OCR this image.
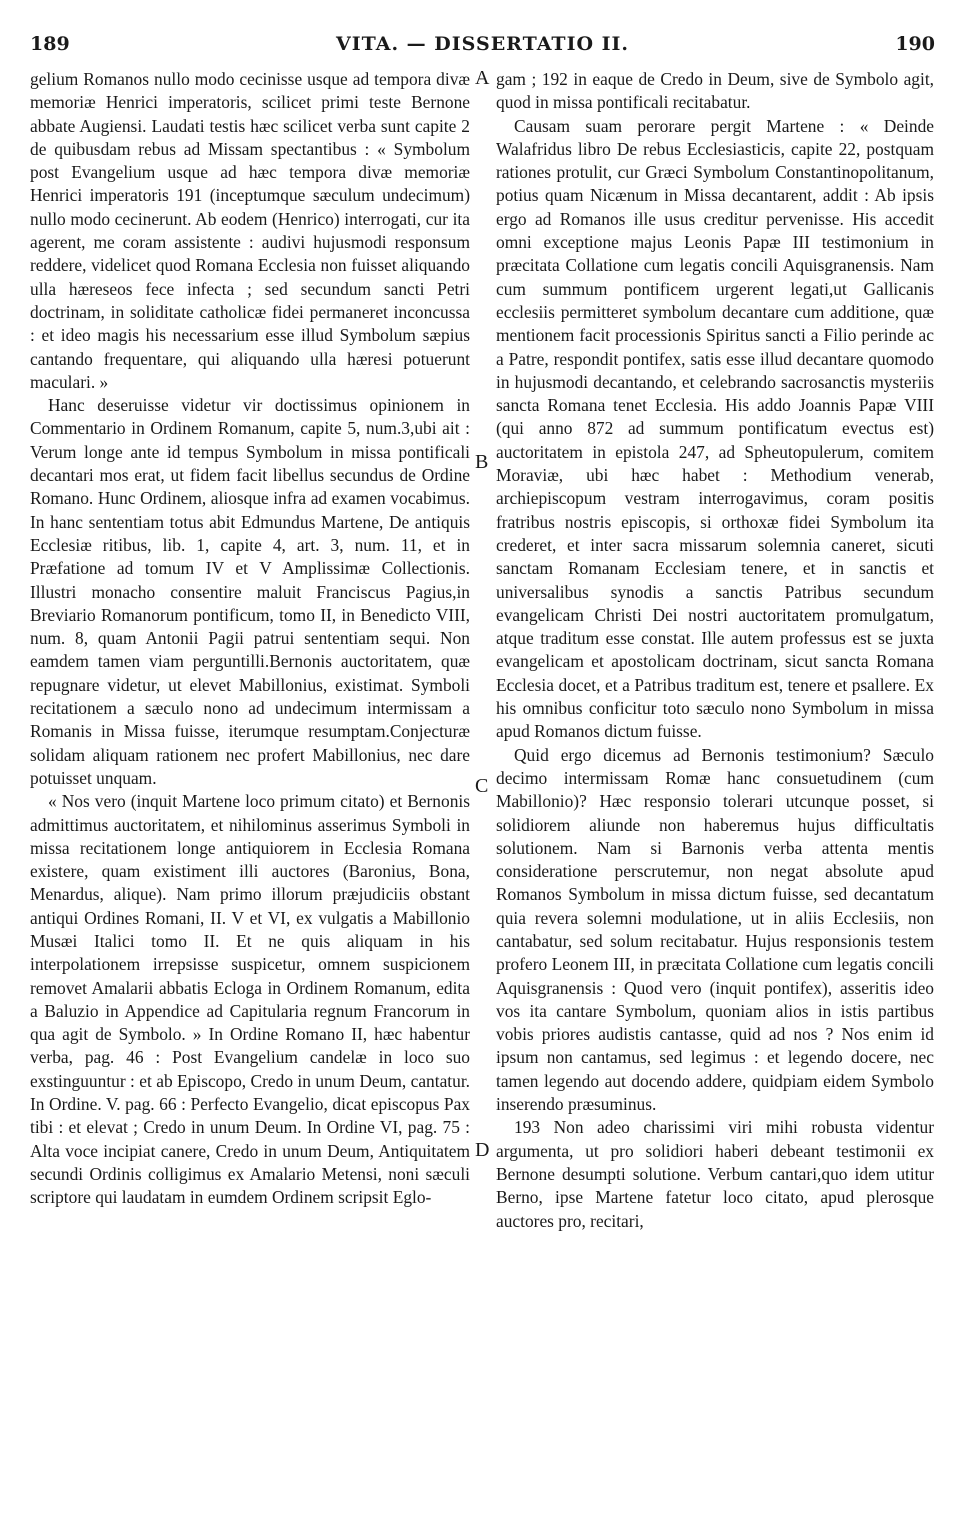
189	VITA. — DISSERTATIO II.	190

gelium Romanos nullo modo cecinisse usque ad tempora divæ memoriæ Henrici imperatoris, scilicet primi teste Bernone abbate Augiensi. Laudati testis hæc scilicet verba sunt capite 2 de quibusdam rebus ad Missam spectantibus : « Symbolum post Evangelium usque ad hæc tempora divæ memoriæ Henrici imperatoris 191 (inceptumque sæculum undecimum) nullo modo cecinerunt. Ab eodem (Henrico) interrogati, cur ita agerent, me coram assistente : audivi hujusmodi responsum reddere, videlicet quod Romana Ecclesia non fuisset aliquando ulla hæreseos fece infecta ; sed secundum sancti Petri doctrinam, in soliditate catholicæ fidei permaneret inconcussa : et ideo magis his necessarium esse illud Symbolum sæpius cantando frequentare, qui aliquando ulla hæresi potuerunt maculari. »

Hanc deseruisse videtur vir doctissimus opinionem in Commentario in Ordinem Romanum, capite 5, num.3,ubi ait : Verum longe ante id tempus Symbolum in missa pontificali decantari mos erat, ut fidem facit libellus secundus de Ordine Romano. Hunc Ordinem, aliosque infra ad examen vocabimus. In hanc sententiam totus abit Edmundus Martene, De antiquis Ecclesiæ ritibus, lib. 1, capite 4, art. 3, num. 11, et in Præfatione ad tomum IV et V Amplissimæ Collectionis. Illustri monacho consentire maluit Franciscus Pagius,in Breviario Romanorum pontificum, tomo II, in Benedicto VIII, num. 8, quam Antonii Pagii patrui sententiam sequi. Non eamdem tamen viam perguntilli.Bernonis auctoritatem, quæ repugnare videtur, ut elevet Mabillonius, existimat. Symboli recitationem a sæculo nono ad undecimum intermissam a Romanis in Missa fuisse, iterumque resumptam.Conjecturæ solidam aliquam rationem nec profert Mabillonius, nec dare potuisset unquam.

« Nos vero (inquit Martene loco primum citato) et Bernonis admittimus auctoritatem, et nihilominus asserimus Symboli in missa recitationem longe antiquiorem in Ecclesia Romana existere, quam existiment illi auctores (Baronius, Bona, Menardus, alique). Nam primo illorum præjudiciis obstant antiqui Ordines Romani, II. V et VI, ex vulgatis a Mabillonio Musæi Italici tomo II. Et ne quis aliquam in his interpolationem irrepsisse suspicetur, omnem suspicionem removet Amalarii abbatis Ecloga in Ordinem Romanum, edita a Baluzio in Appendice ad Capitularia regnum Francorum in qua agit de Symbolo. » In Ordine Romano II, hæc habentur verba, pag. 46 : Post Evangelium candelæ in loco suo exstinguuntur : et ab Episcopo, Credo in unum Deum, cantatur. In Ordine. V. pag. 66 : Perfecto Evangelio, dicat episcopus Pax tibi : et elevat ; Credo in unum Deum. In Ordine VI, pag. 75 : Alta voce incipiat canere, Credo in unum Deum, Antiquitatem secundi Ordinis colligimus ex Amalario Metensi, noni sæculi scriptore qui laudatam in eumdem Ordinem scripsit Eglo-

A
B
C
D

gam ; 192 in eaque de Credo in Deum, sive de Symbolo agit, quod in missa pontificali recitabatur.

Causam suam perorare pergit Martene : « Deinde Walafridus libro De rebus Ecclesiasticis, capite 22, postquam rationes protulit, cur Græci Symbolum Constantinopolitanum, potius quam Nicænum in Missa decantarent, addit : Ab ipsis ergo ad Romanos ille usus creditur pervenisse. His accedit omni exceptione majus Leonis Papæ III testimonium in præcitata Collatione cum legatis concili Aquisgranensis. Nam cum summum pontificem urgerent legati,ut Gallicanis ecclesiis permitteret symbolum decantare cum additione, quæ mentionem facit processionis Spiritus sancti a Filio perinde ac a Patre, respondit pontifex, satis esse illud decantare quomodo in hujusmodi decantando, et celebrando sacrosanctis mysteriis sancta Romana tenet Ecclesia. His addo Joannis Papæ VIII (qui anno 872 ad summum pontificatum evectus est) auctoritatem in epistola 247, ad Spheutopulerum, comitem Moraviæ, ubi hæc habet : Methodium venerab, archiepiscopum vestram interrogavimus, coram positis fratribus nostris episcopis, si orthoxæ fidei Symbolum ita crederet, et inter sacra missarum solemnia caneret, sicuti sanctam Romanam Ecclesiam tenere, et in sanctis et universalibus synodis a sanctis Patribus secundum evangelicam Christi Dei nostri auctoritatem promulgatum, atque traditum esse constat. Ille autem professus est se juxta evangelicam et apostolicam doctrinam, sicut sancta Romana Ecclesia docet, et a Patribus traditum est, tenere et psallere. Ex his omnibus conficitur toto sæculo nono Symbolum in missa apud Romanos dictum fuisse.

Quid ergo dicemus ad Bernonis testimonium? Sæculo decimo intermissam Romæ hanc consuetudinem (cum Mabillonio)? Hæc responsio tolerari utcunque posset, si solidiorem aliunde non haberemus hujus difficultatis solutionem. Nam si Barnonis verba attenta mentis consideratione perscrutemur, non negat absolute apud Romanos Symbolum in missa dictum fuisse, sed decantatum quia revera solemni modulatione, ut in aliis Ecclesiis, non cantabatur, sed solum recitabatur. Hujus responsionis testem profero Leonem III, in præcitata Collatione cum legatis concili Aquisgranensis : Quod vero (inquit pontifex), asseritis ideo vos ita cantare Symbolum, quoniam alios in istis partibus vobis priores audistis cantasse, quid ad nos ? Nos enim id ipsum non cantamus, sed legimus : et legendo docere, nec tamen legendo aut docendo addere, quidpiam eidem Symbolo inserendo præsuminus.

193 Non adeo charissimi viri mihi robusta videntur argumenta, ut pro solidiori haberi debeant testimonii ex Bernone desumpti solutione. Verbum cantari,quo idem utitur Berno, ipse Martene fatetur loco citato, apud plerosque auctores pro, recitari,
